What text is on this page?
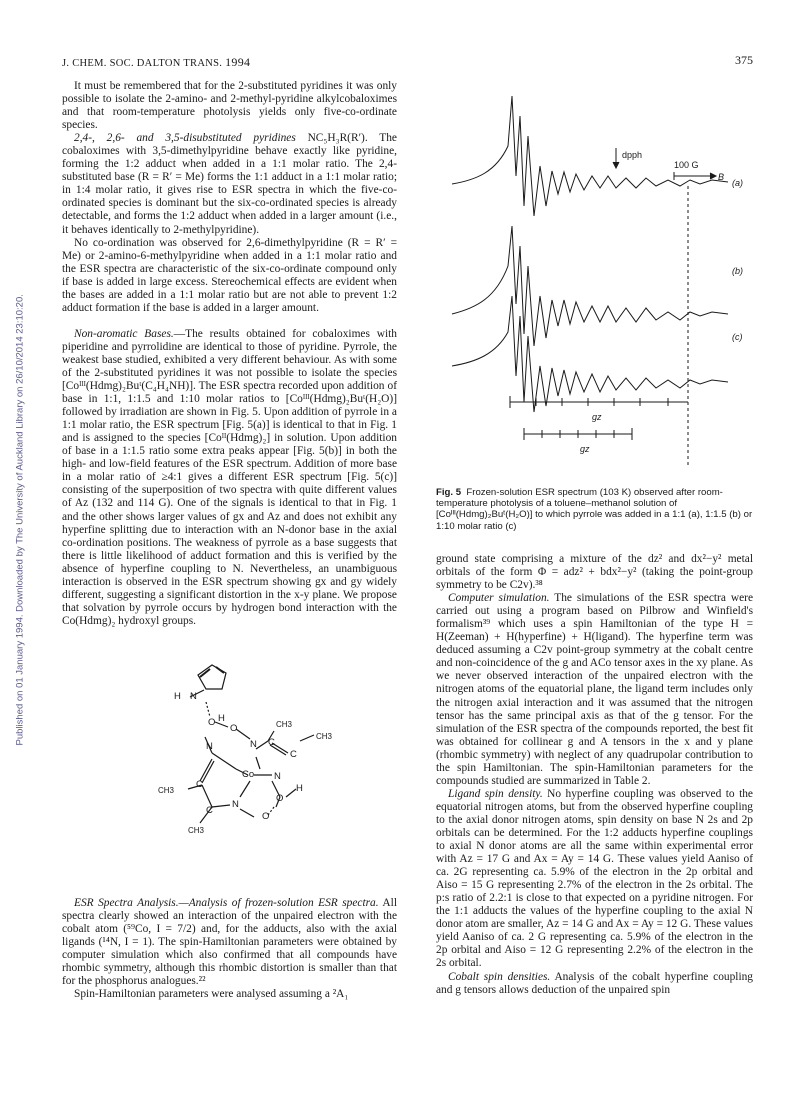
J. CHEM. SOC. DALTON TRANS. 1994	375
Published on 01 January 1994. Downloaded by The University of Auckland Library on 26/10/2014 23:10:20.

It must be remembered that for the 2-substituted pyridines it was only possible to isolate the 2-amino- and 2-methyl-pyridine alkylcobaloximes and that room-temperature photolysis yields only five-co-ordinate species.

2,4-, 2,6- and 3,5-disubstituted pyridines NC₅H₃R(R′). The cobaloximes with 3,5-dimethylpyridine behave exactly like pyridine, forming the 1:2 adduct when added in a 1:1 molar ratio. The 2,4-substituted base (R = R′ = Me) forms the 1:1 adduct in a 1:1 molar ratio; in 1:4 molar ratio, it gives rise to ESR spectra in which the five-co-ordinated species is dominant but the six-co-ordinated species is already detectable, and forms the 1:2 adduct when added in a larger amount (i.e., it behaves identically to 2-methylpyridine).

No co-ordination was observed for 2,6-dimethylpyridine (R = R′ = Me) or 2-amino-6-methylpyridine when added in a 1:1 molar ratio and the ESR spectra are characteristic of the six-co-ordinate compound only if base is added in large excess. Stereochemical effects are evident when the bases are added in a 1:1 molar ratio but are not able to prevent 1:2 adduct formation if the base is added in a larger amount.

Non-aromatic Bases.—The results obtained for cobaloximes with piperidine and pyrrolidine are identical to those of pyridine. Pyrrole, the weakest base studied, exhibited a very different behaviour. As with some of the 2-substituted pyridines it was not possible to isolate the species [Coᴵᴵᴵ(Hdmg)₂Buᵗ(C₄H₄NH)]. The ESR spectra recorded upon addition of base in 1:1, 1:1.5 and 1:10 molar ratios to [Coᴵᴵᴵ(Hdmg)₂Buᵗ(H₂O)] followed by irradiation are shown in Fig. 5. Upon addition of pyrrole in a 1:1 molar ratio, the ESR spectrum [Fig. 5(a)] is identical to that in Fig. 1 and is assigned to the species [Coᴵᴵ(Hdmg)₂] in solution. Upon addition of base in a 1:1.5 ratio some extra peaks appear [Fig. 5(b)] in both the high- and low-field features of the ESR spectrum. Addition of more base in a molar ratio of ≥4:1 gives a different ESR spectrum [Fig. 5(c)] consisting of the superposition of two spectra with quite different values of Az (132 and 114 G). One of the signals is identical to that in Fig. 1 and the other shows larger values of gx and Az and does not exhibit any hyperfine splitting due to interaction with an N-donor base in the axial co-ordination positions. The weakness of pyrrole as a base suggests that there is little likelihood of adduct formation and this is verified by the absence of hyperfine coupling to N. Nevertheless, an unambiguous interaction is observed in the ESR spectrum showing gx and gy widely different, suggesting a significant distortion in the x-y plane. We propose that solvation by pyrrole occurs by hydrogen bond interaction with the Co(Hdmg)₂ hydroxyl groups.

H N
O H
O
N C
CH3
C
CH3
N
Co N
C
CH3
C
N
O
H
O
CH3

ESR Spectra Analysis.—Analysis of frozen-solution ESR spectra. All spectra clearly showed an interaction of the unpaired electron with the cobalt atom (⁵⁹Co, I = 7/2) and, for the adducts, also with the axial ligands (¹⁴N, I = 1). The spin-Hamiltonian parameters were obtained by computer simulation which also confirmed that all compounds have rhombic symmetry, although this rhombic distortion is smaller than that for the phosphorus analogues.²²

Spin-Hamiltonian parameters were analysed assuming a ²A₁

dpph
100 G
B
(a)
(b)
(c)
gz
gz
Fig. 5 Frozen-solution ESR spectrum (103 K) observed after room-temperature photolysis of a toluene–methanol solution of [Coᴵᴵᴵ(Hdmg)₂Buᵗ(H₂O)] to which pyrrole was added in a 1:1 (a), 1:1.5 (b) or 1:10 molar ratio (c)

ground state comprising a mixture of the dz² and dx²−y² metal orbitals of the form Φ = adz² + bdx²−y² (taking the point-group symmetry to be C2v).³⁸

Computer simulation. The simulations of the ESR spectra were carried out using a program based on Pilbrow and Winfield's formalism³⁹ which uses a spin Hamiltonian of the type H = H(Zeeman) + H(hyperfine) + H(ligand). The hyperfine term was deduced assuming a C2v point-group symmetry at the cobalt centre and non-coincidence of the g and ACo tensor axes in the xy plane. As we never observed interaction of the unpaired electron with the nitrogen atoms of the equatorial plane, the ligand term includes only the nitrogen axial interaction and it was assumed that the nitrogen tensor has the same principal axis as that of the g tensor. For the simulation of the ESR spectra of the compounds reported, the best fit was obtained for collinear g and A tensors in the x and y plane (rhombic symmetry) with neglect of any quadrupolar contribution to the spin Hamiltonian. The spin-Hamiltonian parameters for the compounds studied are summarized in Table 2.

Ligand spin density. No hyperfine coupling was observed to the equatorial nitrogen atoms, but from the observed hyperfine coupling to the axial donor nitrogen atoms, spin density on base N 2s and 2p orbitals can be determined. For the 1:2 adducts hyperfine couplings to axial N donor atoms are all the same within experimental error with Az = 17 G and Ax = Ay = 14 G. These values yield Aaniso of ca. 2G representing ca. 5.9% of the electron in the 2p orbital and Aiso = 15 G representing 2.7% of the electron in the 2s orbital. The p:s ratio of 2.2:1 is close to that expected on a pyridine nitrogen. For the 1:1 adducts the values of the hyperfine coupling to the axial N donor atom are smaller, Az = 14 G and Ax = Ay = 12 G. These values yield Aaniso of ca. 2 G representing ca. 5.9% of the electron in the 2p orbital and Aiso = 12 G representing 2.2% of the electron in the 2s orbital.

Cobalt spin densities. Analysis of the cobalt hyperfine coupling and g tensors allows deduction of the unpaired spin
